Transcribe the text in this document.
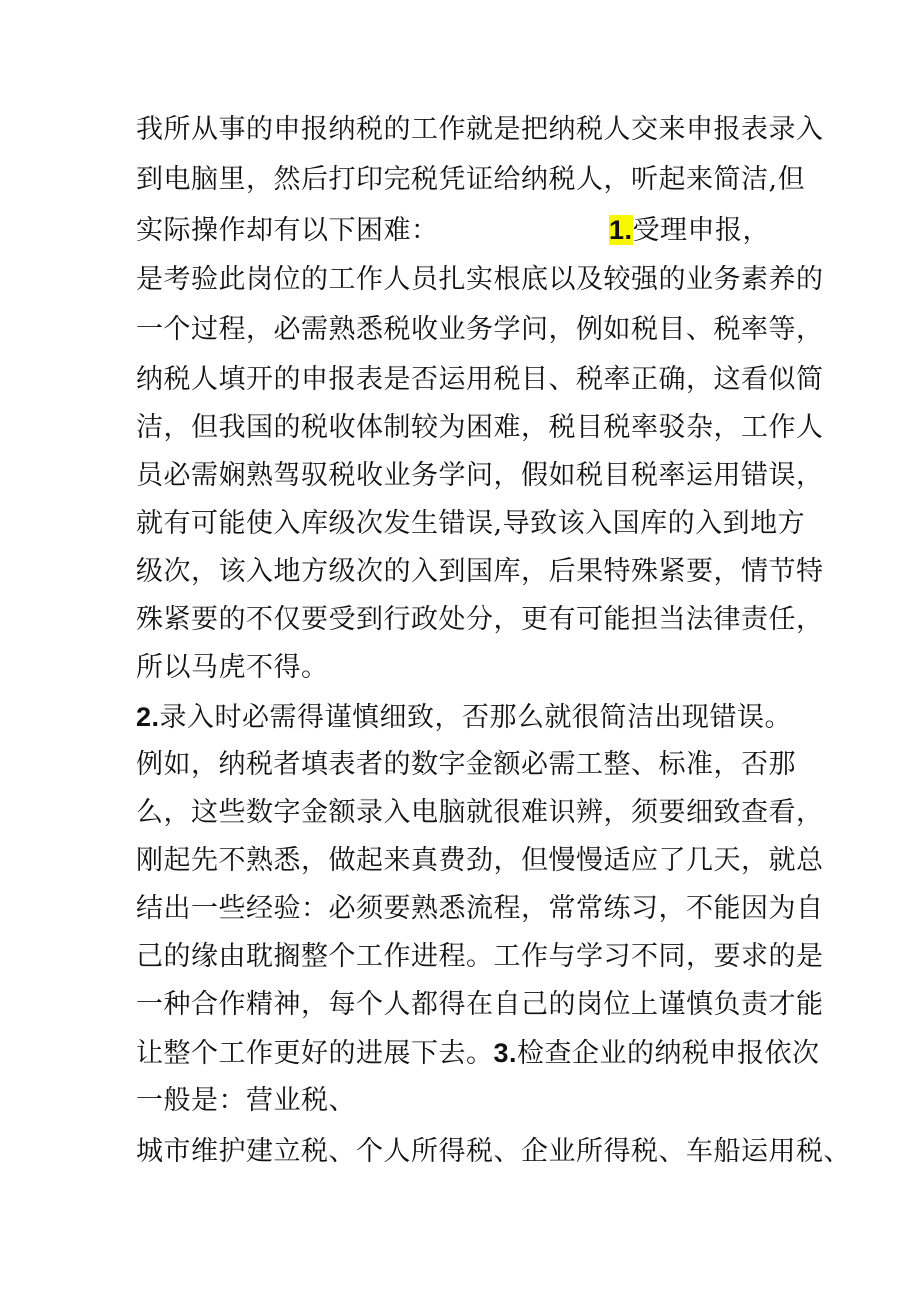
我所从事的申报纳税的工作就是把纳税人交来申报表录入
到电脑里，然后打印完税凭证给纳税人，听起来简洁,但
实际操作却有以下困难：	1.受理申报，
是考验此岗位的工作人员扎实根底以及较强的业务素养的
一个过程，必需熟悉税收业务学问，例如税目、税率等，
纳税人填开的申报表是否运用税目、税率正确，这看似简
洁，但我国的税收体制较为困难，税目税率驳杂，工作人
员必需娴熟驾驭税收业务学问，假如税目税率运用错误，
就有可能使入库级次发生错误,导致该入国库的入到地方
级次，该入地方级次的入到国库，后果特殊紧要，情节特
殊紧要的不仅要受到行政处分，更有可能担当法律责任，
所以马虎不得。
2.录入时必需得谨慎细致，否那么就很简洁出现错误。
例如，纳税者填表者的数字金额必需工整、标准，否那
么，这些数字金额录入电脑就很难识辨，须要细致查看，
刚起先不熟悉，做起来真费劲，但慢慢适应了几天，就总
结出一些经验：必须要熟悉流程，常常练习，不能因为自
己的缘由耽搁整个工作进程。工作与学习不同，要求的是
一种合作精神，每个人都得在自己的岗位上谨慎负责才能
让整个工作更好的进展下去。3.检查企业的纳税申报依次
一般是：营业税、
城市维护建立税、个人所得税、企业所得税、车船运用税、
